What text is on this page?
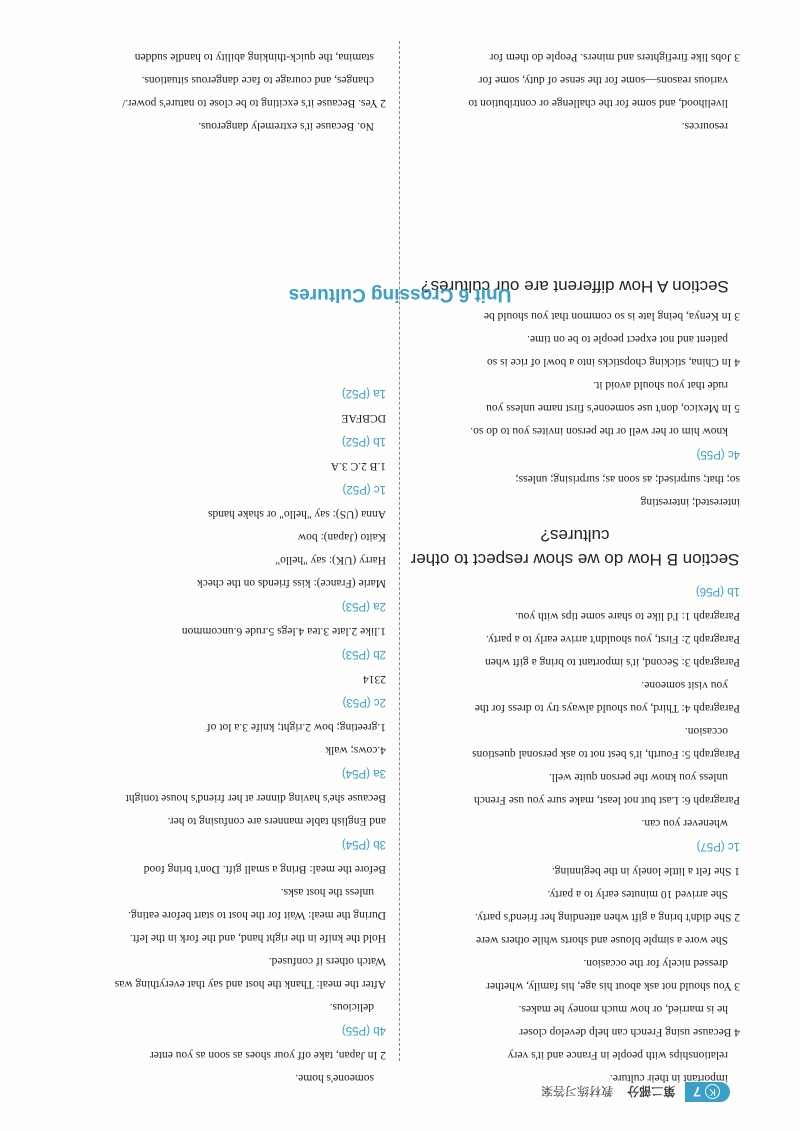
K
7
第二部分
教材练习答案
important in their culture.
relationships with people in France and it's very
4 Because using French can help develop closer
he is married, or how much money he makes.
3 You should not ask about his age, his family, whether
dressed nicely for the occasion.
She wore a simple blouse and shorts while others were
2 She didn't bring a gift when attending her friend's party.
She arrived 10 minutes early to a party.
1 She felt a little lonely in the beginning.
1c (P57)
whenever you can.
Paragraph 6: Last but not least, make sure you use French
unless you know the person quite well.
Paragraph 5: Fourth, it's best not to ask personal questions
occasion.
Paragraph 4: Third, you should always try to dress for the
you visit someone.
Paragraph 3: Second, it's important to bring a gift when
Paragraph 2: First, you shouldn't arrive early to a party.
Paragraph 1: I'd like to share some tips with you.
1b (P56)
Section B How do we show respect to other cultures?
interested; interesting
so; that; surprised; as soon as; surprising; unless;
4c (P55)
know him or her well or the person invites you to do so.
5 In Mexico, don't use someone's first name unless you
rude that you should avoid it.
4 In China, sticking chopsticks into a bowl of rice is so
patient and not expect people to be on time.
3 In Kenya, being late is so common that you should be
Section A How different are our cultures?
someone's home.
2 In Japan, take off your shoes as soon as you enter
4b (P55)
delicious.
After the meal: Thank the host and say that everything was
Watch others if confused.
Hold the knife in the right hand, and the fork in the left.
During the meal: Wait for the host to start before eating.
unless the host asks.
Before the meal: Bring a small gift. Don't bring food
3b (P54)
and English table manners are confusing to her.
Because she's having dinner at her friend's house tonight
3a (P54)
4.cows; walk
1.greeting; bow 2.right; knife 3.a lot of
2c (P53)
2314
2b (P53)
1.like 2.late 3.tea 4.legs 5.rude 6.uncommon
2a (P53)
Marie (France): kiss friends on the check
Harry (UK): say "hello"
Kaito (Japan): bow
Anna (US): say "hello" or shake hands
1c (P52)
1.B 2.C 3.A
1b (P52)
DCBFAE
1a (P52)
Unit 6 Crossing Cultures
resources.
livelihood, and some for the challenge or contribution to
various reasons—some for the sense of duty, some for
3 Jobs like firefighters and miners. People do them for
No. Because it's extremely dangerous.
2 Yes. Because it's exciting to be close to nature's power./
changes, and courage to face dangerous situations.
stamina, the quick-thinking ability to handle sudden
